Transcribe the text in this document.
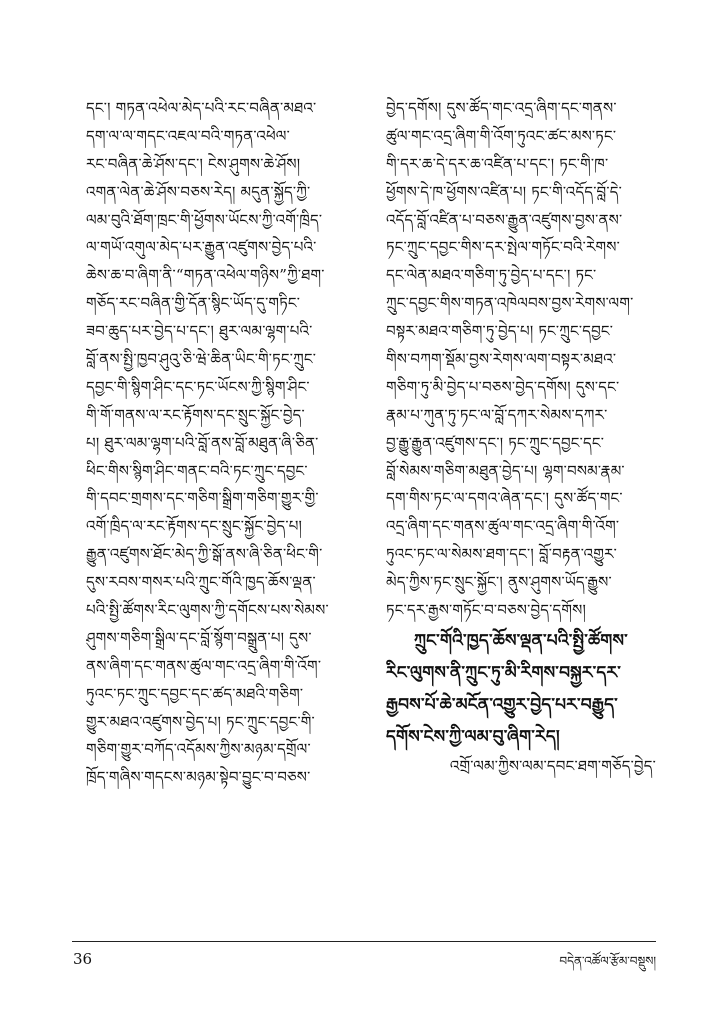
དང་། གཏན་འཕེལ་མེད་པའི་རང་བཞིན་མཐའ་
དག་ལ་ལ་གདང་འཇལ་བའི་གཏན་འཕེལ་
རང་བཞིན་ཆེ་ཤོས་དང་། ངེས་ཤུགས་ཆེ་ཤོས།
འགན་ལེན་ཆེ་ཤོས་བཅས་རེད། མདུན་སྐྱོད་ཀྱི་
ལམ་བུའི་ཐོག་ཁྲང་གི་ཕྱོགས་ཡོངས་ཀྱི་འགོ་ཁྲིད་
ལ་གཡོ་འགུལ་མེད་པར་རྒྱུན་འཛུགས་བྱེད་པའི་
ཆེས་ཆ་བ་ཞིག་ནི་“གཏན་འཕེལ་གཉིས”ཀྱི་ཐག་
གཅོད་རང་བཞིན་གྱི་དོན་སྙིང་ཡོད་དུ་གཏིང་
ཟབ་ཆུད་པར་བྱེད་པ་དང་། ཐུར་ལམ་ལྷག་པའི་
བློ་ནས་སྤྱི་ཁྱབ་ཤུའུ་ཅི་ཝེ་ཆིན་ཡིང་གི་ཏང་ཀྲུང་
དབྱང་གི་སྙིག་ཤིང་དང་ཏང་ཡོངས་ཀྱི་སྙིག་ཤིང་
གི་གོ་གནས་ལ་རང་རྟོགས་དང་སྲུང་སྐྱོང་བྱེད་
པ། ཐུར་ལམ་ལྷག་པའི་བློ་ནས་བློ་མཐུན་ཞི་ཅིན་
ཕིང་གིས་སྙིག་ཤིང་གནང་བའི་ཏང་ཀྲུང་དབྱང་
གི་དབང་གྲགས་དང་གཅིག་སྒྲིག་གཅིག་གྱུར་གྱི་
འགོ་ཁྲིད་ལ་རང་རྟོགས་དང་སྲུང་སྐྱོང་བྱེད་པ།
རྒྱུན་འཛུགས་ཐོང་མེད་ཀྱི་སྒོ་ནས་ཞི་ཅིན་ཕིང་གི་
དུས་རབས་གསར་པའི་ཀྲུང་གོའི་ཁྱད་ཆོས་ལྡན་
པའི་སྤྱི་ཚོགས་རིང་ལུགས་ཀྱི་དགོངས་པས་སེམས་
ཤུགས་གཅིག་སྒྲིལ་དང་བློ་སྙོག་བསྒྲུན་པ། དུས་
ནས་ཞིག་དང་གནས་ཚུལ་གང་འདྲ་ཞིག་གི་འོག་
ཏུའང་ཏང་ཀྲུང་དབྱང་དང་ཚད་མཐའི་གཅིག་
གྱུར་མཐའ་འཛུགས་བྱེད་པ། ཏང་ཀྲུང་དབྱང་གི་
གཅིག་གྱུར་བཀོད་འདོམས་ཀྱིས་མཉམ་དགྲོལ་
ཁྲོད་གཞིས་གདངས་མཉམ་སྟེབ་བྱུང་བ་བཅས་
བྱེད་དགོས། དུས་ཚོད་གང་འདྲ་ཞིག་དང་གནས་
ཚུལ་གང་འདྲ་ཞིག་གི་འོག་ཏུའང་ཚང་མས་ཏང་
གི་དར་ཆ་དེ་དར་ཆ་འཛིན་པ་དང་། ཏང་གི་ཁ་
ཕྱོགས་དེ་ཁ་ཕྱོགས་འཛིན་པ། ཏང་གི་འདོད་བློ་དེ་
འདོད་བློ་འཛིན་པ་བཅས་རྒྱུན་འཛུགས་བྱས་ནས་
ཏང་ཀྲུང་དབྱང་གིས་དར་སྤེལ་གཏོང་བའི་རེགས་
དང་ལེན་མཐའ་གཅིག་ཏུ་བྱེད་པ་དང་། ཏང་
ཀྲུང་དབྱང་གིས་གཏན་འཁེལབས་བྱས་རེགས་ལག་
བསྟར་མཐའ་གཅིག་ཏུ་བྱེད་པ། ཏང་ཀྲུང་དབྱང་
གིས་བཀག་སྡོམ་བྱས་རེགས་ལག་བསྟར་མཐའ་
གཅིག་ཏུ་མི་བྱེད་པ་བཅས་བྱེད་དགོས། དུས་དང་
རྣམ་པ་ཀུན་ཏུ་ཏང་ལ་བློ་དཀར་སེམས་དཀར་
བྱ་རྒྱུ་རྒྱུན་འཛུགས་དང་། ཏང་ཀྲུང་དབྱང་དང་
བློ་སེམས་གཅིག་མཐུན་བྱེད་པ། ལྷག་བསམ་རྣམ་
དག་གིས་ཏང་ལ་དགའ་ཞེན་དང་། དུས་ཚོད་གང་
འདྲ་ཞིག་དང་གནས་ཚུལ་གང་འདྲ་ཞིག་གི་འོག་
ཏུའང་ཏང་ལ་སེམས་ཐག་དང་། བློ་བརྟན་འགྱུར་
མེད་ཀྱིས་ཏང་སྲུང་སྐྱོང་། ནུས་ཤུགས་ཡོད་རྒྱུས་
ཏང་དར་རྒྱས་གཏོང་བ་བཅས་བྱེད་དགོས།
ཀྲུང་གོའི་ཁྱད་ཆོས་ལྡན་པའི་སྤྱི་ཚོགས་
རིང་ལུགས་ནི་ཀྲུང་ཏུ་མི་རིགས་བསྐྱར་དར་
རྒྱབས་པོ་ཆེ་མངོན་འགྱུར་བྱེད་པར་བརྒྱུད་
དགོས་ངེས་ཀྱི་ལམ་བུ་ཞིག་རེད།
འགྲོ་ལམ་ཀྱིས་ལམ་དབང་ཐག་གཅོད་བྱེད་
36	བདེན་འཚོལ་རྩོམ་བསྡུས།
